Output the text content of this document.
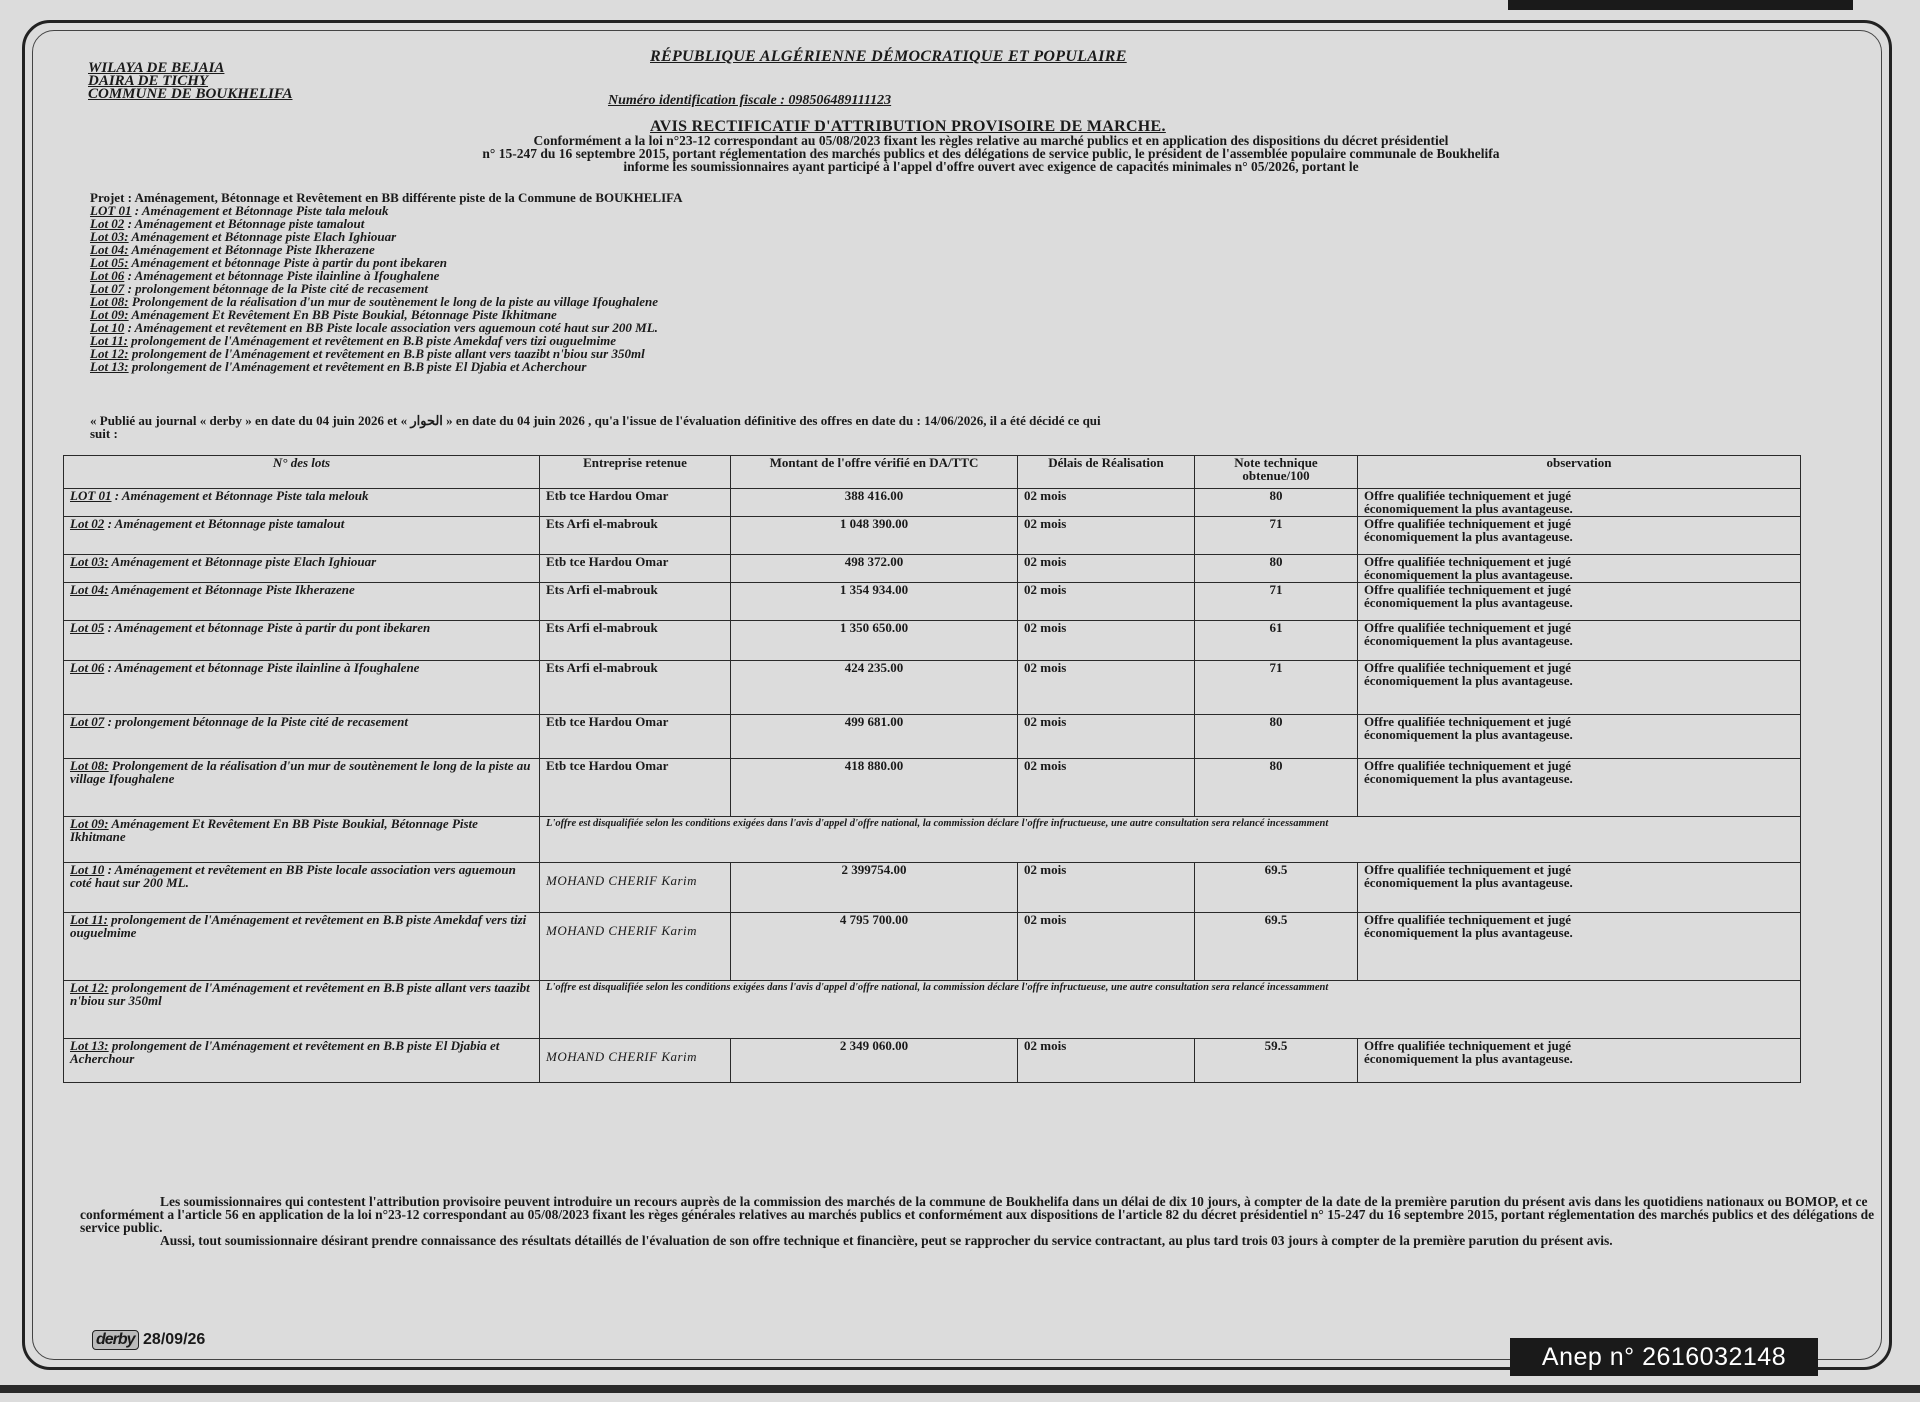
WILAYA DE BEJAIA
DAIRA DE TICHY
COMMUNE DE BOUKHELIFA
RÉPUBLIQUE ALGÉRIENNE DÉMOCRATIQUE ET POPULAIRE
Numéro identification fiscale : 098506489111123
AVIS RECTIFICATIF D'ATTRIBUTION PROVISOIRE DE MARCHE.
Conformément a la loi n°23-12 correspondant au 05/08/2023 fixant les règles relative au marché publics et en application des dispositions du décret présidentiel
n° 15-247 du 16 septembre 2015, portant réglementation des marchés publics et des délégations de service public, le président de l'assemblée populaire communale de Boukhelifa
informe les soumissionnaires ayant participé à l'appel d'offre ouvert avec exigence de capacités minimales n° 05/2026, portant le
Projet : Aménagement, Bétonnage et Revêtement en BB différente piste de la Commune de BOUKHELIFA
LOT 01 : Aménagement et Bétonnage Piste tala melouk
Lot 02 : Aménagement et Bétonnage piste tamalout
Lot 03: Aménagement et Bétonnage piste Elach Ighiouar
Lot 04: Aménagement et Bétonnage Piste Ikherazene
Lot 05: Aménagement et bétonnage Piste à partir du pont ibekaren
Lot 06 : Aménagement et bétonnage Piste ilainline à Ifoughalene
Lot 07 : prolongement bétonnage de la Piste cité de recasement
Lot 08: Prolongement de la réalisation d'un mur de soutènement le long de la piste au village Ifoughalene
Lot 09: Aménagement Et Revêtement En BB Piste Boukial, Bétonnage Piste Ikhitmane
Lot 10 : Aménagement et revêtement en BB Piste locale association vers aguemoun coté haut sur 200 ML.
Lot 11: prolongement de l'Aménagement et revêtement en B.B piste Amekdaf vers tizi ouguelmime
Lot 12: prolongement de l'Aménagement et revêtement en B.B piste allant vers taazibt n'biou sur 350ml
Lot 13: prolongement de l'Aménagement et revêtement en B.B piste El Djabia et Acherchour
« Publié au journal « derby » en date du 04 juin 2026 et « الحوار » en date du 04 juin 2026 , qu'a l'issue de l'évaluation définitive des offres en date du : 14/06/2026, il a été décidé ce qui
suit :
N° des lots	Entreprise retenue	Montant de l'offre vérifié en DA/TTC	Délais de Réalisation	Note technique obtenue/100	observation
LOT 01 : Aménagement et Bétonnage Piste tala melouk	Etb tce Hardou Omar	388 416.00	02 mois	80	Offre qualifiée techniquement et jugé
économiquement la plus avantageuse.

Lot 02 : Aménagement et Bétonnage piste tamalout	Ets Arfi el-mabrouk	1 048 390.00	02 mois	71	Offre qualifiée techniquement et jugé
économiquement la plus avantageuse.

Lot 03: Aménagement et Bétonnage piste Elach Ighiouar	Etb tce Hardou Omar	498 372.00	02 mois	80	Offre qualifiée techniquement et jugé
économiquement la plus avantageuse.

Lot 04: Aménagement et Bétonnage Piste Ikherazene	Ets Arfi el-mabrouk	1 354 934.00	02 mois	71	Offre qualifiée techniquement et jugé
économiquement la plus avantageuse.

Lot 05 : Aménagement et bétonnage Piste à partir du pont ibekaren	Ets Arfi el-mabrouk	1 350 650.00	02 mois	61	Offre qualifiée techniquement et jugé
économiquement la plus avantageuse.

Lot 06 : Aménagement et bétonnage Piste ilainline à Ifoughalene	Ets Arfi el-mabrouk	424 235.00	02 mois	71	Offre qualifiée techniquement et jugé
économiquement la plus avantageuse.

Lot 07 : prolongement bétonnage de la Piste cité de recasement	Etb tce Hardou Omar	499 681.00	02 mois	80	Offre qualifiée techniquement et jugé
économiquement la plus avantageuse.

Lot 08: Prolongement de la réalisation d'un mur de soutènement le long de la piste au village Ifoughalene	Etb tce Hardou Omar	418 880.00	02 mois	80	Offre qualifiée techniquement et jugé
économiquement la plus avantageuse.

Lot 09: Aménagement Et Revêtement En BB Piste Boukial, Bétonnage Piste Ikhitmane	L'offre est disqualifiée selon les conditions exigées dans l'avis d'appel d'offre national, la commission déclare l'offre infructueuse, une autre consultation sera relancé incessamment				
Lot 10 : Aménagement et revêtement en BB Piste locale association vers aguemoun coté haut sur 200 ML.	MOHAND CHERIF Karim	2 399754.00	02 mois	69.5	Offre qualifiée techniquement et jugé
économiquement la plus avantageuse.

Lot 11: prolongement de l'Aménagement et revêtement en B.B piste Amekdaf vers tizi ouguelmime	MOHAND CHERIF Karim	4 795 700.00	02 mois	69.5	Offre qualifiée techniquement et jugé
économiquement la plus avantageuse.

Lot 12: prolongement de l'Aménagement et revêtement en B.B piste allant vers taazibt n'biou sur 350ml	L'offre est disqualifiée selon les conditions exigées dans l'avis d'appel d'offre national, la commission déclare l'offre infructueuse, une autre consultation sera relancé incessamment				
Lot 13: prolongement de l'Aménagement et revêtement en B.B piste El Djabia et Acherchour	MOHAND CHERIF Karim	2 349 060.00	02 mois	59.5	Offre qualifiée techniquement et jugé
économiquement la plus avantageuse.

Les soumissionnaires qui contestent l'attribution provisoire peuvent introduire un recours auprès de la commission des marchés de la commune de Boukhelifa dans un délai de dix 10 jours, à compter de la date de la première parution du présent avis dans les quotidiens nationaux ou BOMOP, et ce conformément a l'article 56 en application de la loi n°23-12 correspondant au 05/08/2023 fixant les règes générales relatives au marchés publics et conformément aux dispositions de l'article 82 du décret présidentiel n° 15-247 du 16 septembre 2015, portant réglementation des marchés publics et des délégations de service public.

Aussi, tout soumissionnaire désirant prendre connaissance des résultats détaillés de l'évaluation de son offre technique et financière, peut se rapprocher du service contractant, au plus tard trois 03 jours à compter de la première parution du présent avis.

derby 28/09/26
Anep n° 2616032148
